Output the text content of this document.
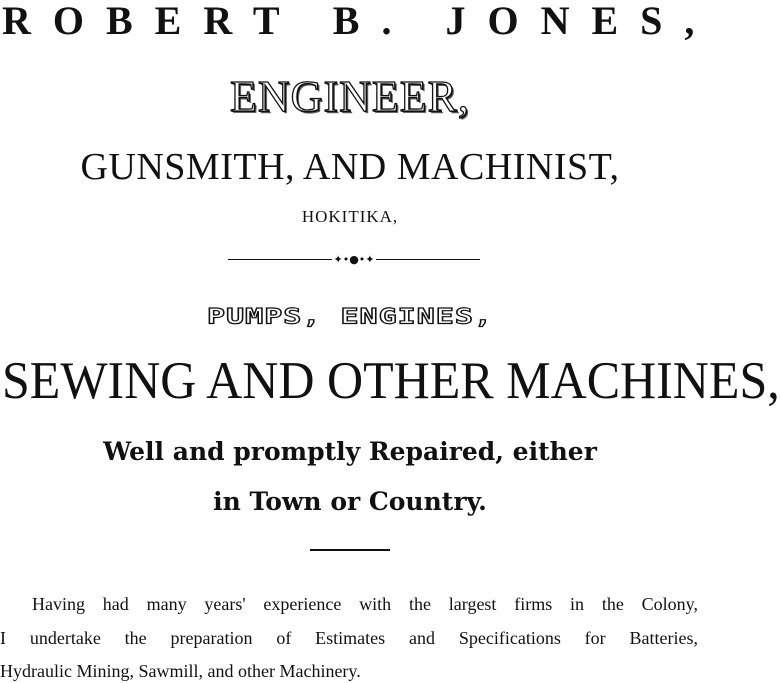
ROBERT B. JONES,
ENGINEER,
GUNSMITH, AND MACHINIST,
HOKITIKA,
✦•●•✦
PUMPS, ENGINES,
SEWING AND OTHER MACHINES,
Well and promptly Repaired, either
in Town or Country.
Having had many years' experience with the largest firms in the Colony,
I undertake the preparation of Estimates and Specifications for Batteries,
Hydraulic Mining, Sawmill, and other Machinery.
